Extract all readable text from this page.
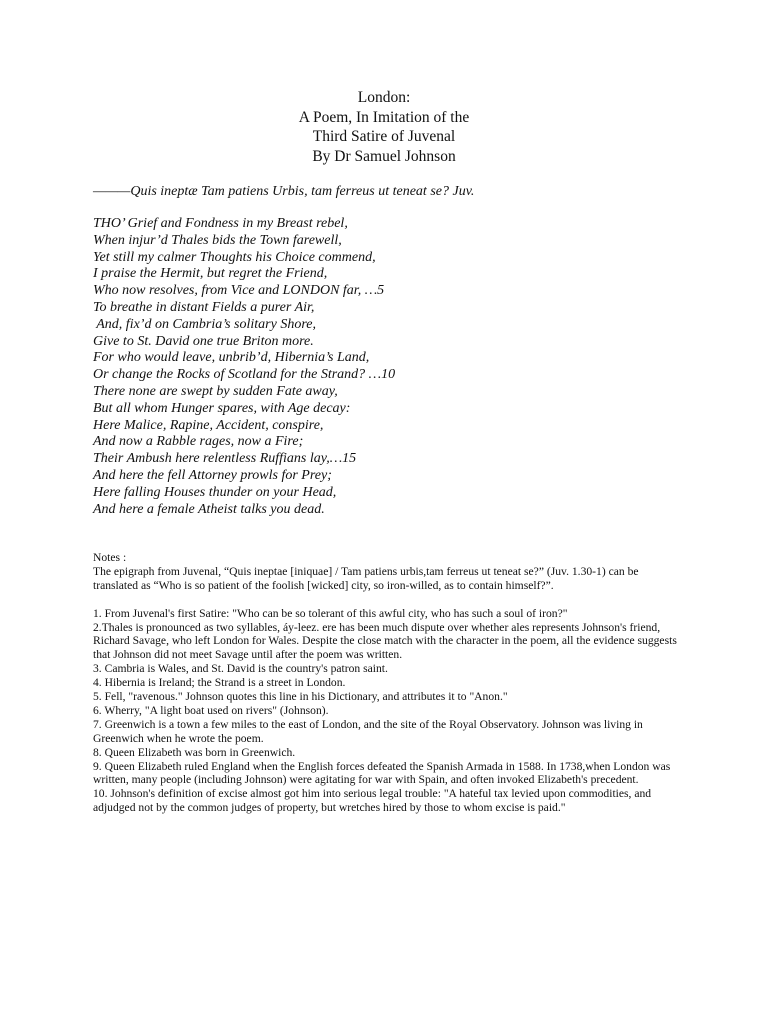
London:
A Poem, In Imitation of the
Third Satire of Juvenal
By Dr Samuel Johnson
———Quis ineptæ Tam patiens Urbis, tam ferreus ut teneat se? Juv.
THO’ Grief and Fondness in my Breast rebel,
When injur’d Thales bids the Town farewell,
Yet still my calmer Thoughts his Choice commend,
I praise the Hermit, but regret the Friend,
Who now resolves, from Vice and LONDON far, …5
To breathe in distant Fields a purer Air,
And, fix’d on Cambria’s solitary Shore,
Give to St. David one true Briton more.
For who would leave, unbrib’d, Hibernia’s Land,
Or change the Rocks of Scotland for the Strand? …10
There none are swept by sudden Fate away,
But all whom Hunger spares, with Age decay:
Here Malice, Rapine, Accident, conspire,
And now a Rabble rages, now a Fire;
Their Ambush here relentless Ruffians lay,…15
And here the fell Attorney prowls for Prey;
Here falling Houses thunder on your Head,
And here a female Atheist talks you dead.
Notes :
The epigraph from Juvenal, “Quis ineptae [iniquae] / Tam patiens urbis,tam ferreus ut teneat se?” (Juv. 1.30-1) can be translated as “Who is so patient of the foolish [wicked] city, so iron-willed, as to contain himself?”.
1. From Juvenal's first Satire: "Who can be so tolerant of this awful city, who has such a soul of iron?"
2.Thales is pronounced as two syllables, áy-leez. ere has been much dispute over whether ales represents Johnson's friend, Richard Savage, who left London for Wales. Despite the close match with the character in the poem, all the evidence suggests that Johnson did not meet Savage until after the poem was written.
3. Cambria is Wales, and St. David is the country's patron saint.
4. Hibernia is Ireland; the Strand is a street in London.
5. Fell, "ravenous." Johnson quotes this line in his Dictionary, and attributes it to "Anon."
6. Wherry, "A light boat used on rivers" (Johnson).
7. Greenwich is a town a few miles to the east of London, and the site of the Royal Observatory. Johnson was living in Greenwich when he wrote the poem.
8. Queen Elizabeth was born in Greenwich.
9. Queen Elizabeth ruled England when the English forces defeated the Spanish Armada in 1588. In 1738,when London was written, many people (including Johnson) were agitating for war with Spain, and often invoked Elizabeth's precedent.
10. Johnson's definition of excise almost got him into serious legal trouble: "A hateful tax levied upon commodities, and adjudged not by the common judges of property, but wretches hired by those to whom excise is paid."
